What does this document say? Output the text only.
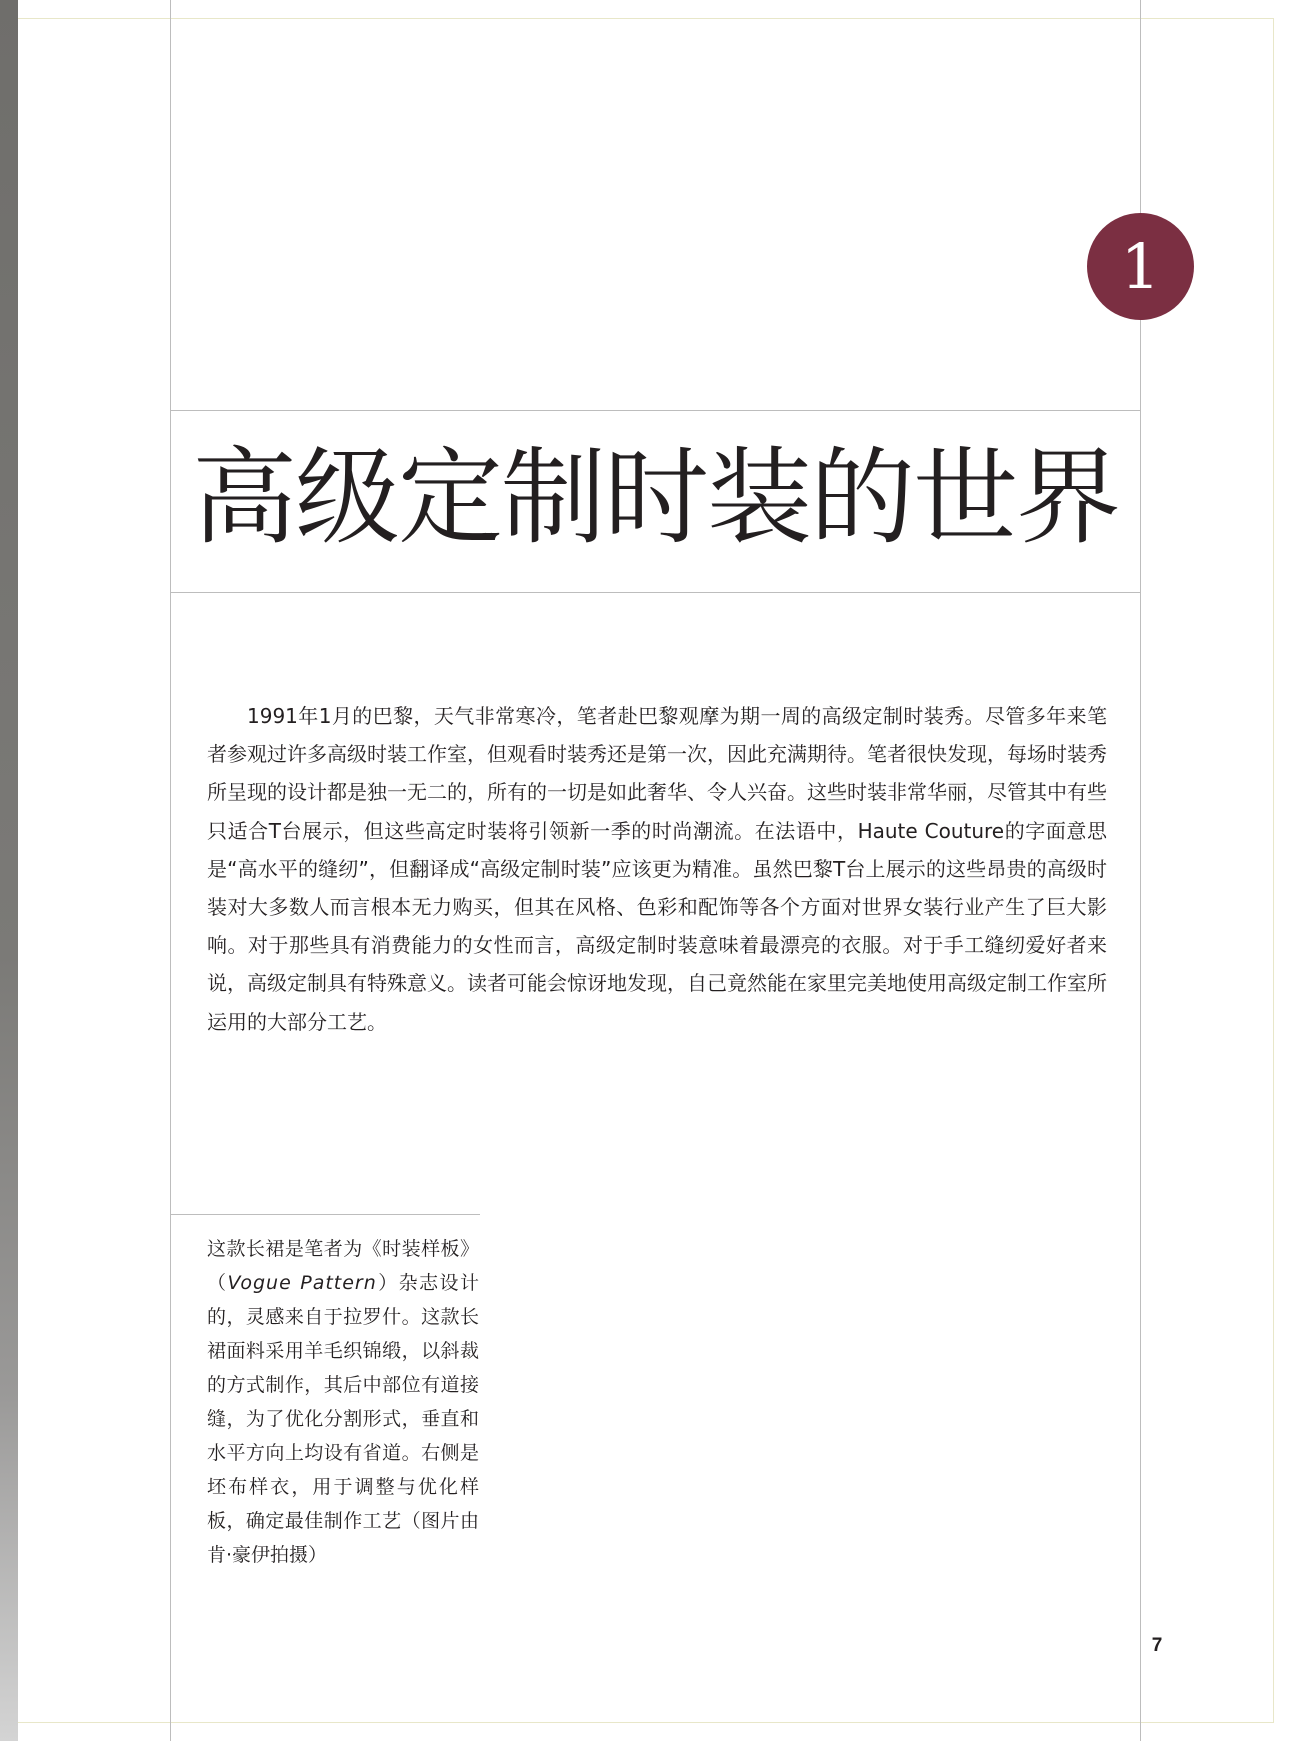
1
高级定制时装的世界

1991年1月的巴黎，天气非常寒冷，笔者赴巴黎观摩为期一周的高级定制时装秀。尽管多年来笔者参观过许多高级时装工作室，但观看时装秀还是第一次，因此充满期待。笔者很快发现，每场时装秀所呈现的设计都是独一无二的，所有的一切是如此奢华、令人兴奋。这些时装非常华丽，尽管其中有些只适合T台展示，但这些高定时装将引领新一季的时尚潮流。在法语中，Haute Couture的字面意思是“高水平的缝纫”，但翻译成“高级定制时装”应该更为精准。虽然巴黎T台上展示的这些昂贵的高级时装对大多数人而言根本无力购买，但其在风格、色彩和配饰等各个方面对世界女装行业产生了巨大影响。对于那些具有消费能力的女性而言，高级定制时装意味着最漂亮的衣服。对于手工缝纫爱好者来说，高级定制具有特殊意义。读者可能会惊讶地发现，自己竟然能在家里完美地使用高级定制工作室所运用的大部分工艺。

这款长裙是笔者为《时装样板》（Vogue Pattern）杂志设计的，灵感来自于拉罗什。这款长裙面料采用羊毛织锦缎，以斜裁的方式制作，其后中部位有道接缝，为了优化分割形式，垂直和水平方向上均设有省道。右侧是坯布样衣，用于调整与优化样板，确定最佳制作工艺（图片由肯·豪伊拍摄）

7
